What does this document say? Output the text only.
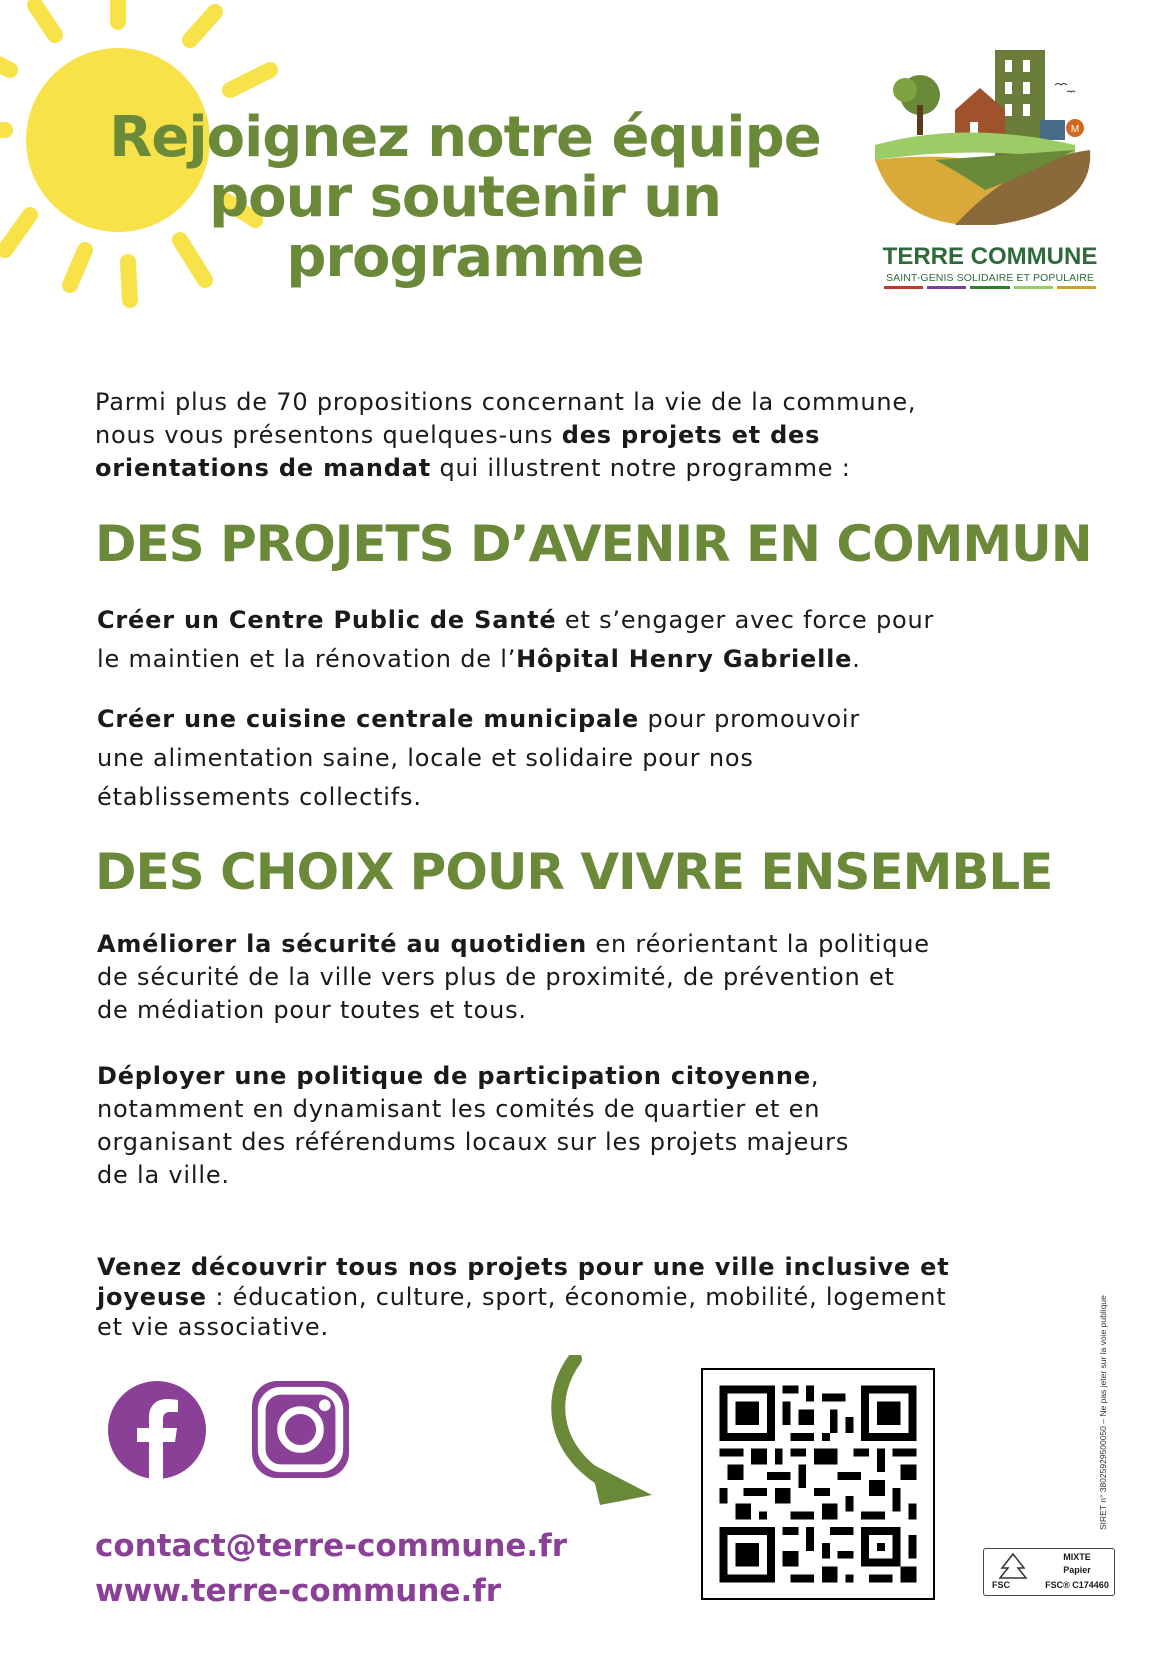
Rejoignez notre équipe
pour soutenir un
programme
M
TERRE COMMUNE
SAINT-GENIS SOLIDAIRE ET POPULAIRE

Parmi plus de 70 propositions concernant la vie de la commune,
nous vous présentons quelques-uns des projets et des
orientations de mandat qui illustrent notre programme :

DES PROJETS D’AVENIR EN COMMUN

Créer un Centre Public de Santé et s’engager avec force pour
le maintien et la rénovation de l’Hôpital Henry Gabrielle.

Créer une cuisine centrale municipale pour promouvoir
une alimentation saine, locale et solidaire pour nos
établissements collectifs.

DES CHOIX POUR VIVRE ENSEMBLE

Améliorer la sécurité au quotidien en réorientant la politique
de sécurité de la ville vers plus de proximité, de prévention et
de médiation pour toutes et tous.

Déployer une politique de participation citoyenne,
notamment en dynamisant les comités de quartier et en
organisant des référendums locaux sur les projets majeurs
de la ville.

Venez découvrir tous nos projets pour une ville inclusive et
joyeuse : éducation, culture, sport, économie, mobilité, logement
et vie associative.

contact@terre-commune.fr
www.terre-commune.fr
SIRET n° 38025929500050 – Ne pas jeter sur la voie publique
FSC
MIXTE
Papier
FSC® C174460
